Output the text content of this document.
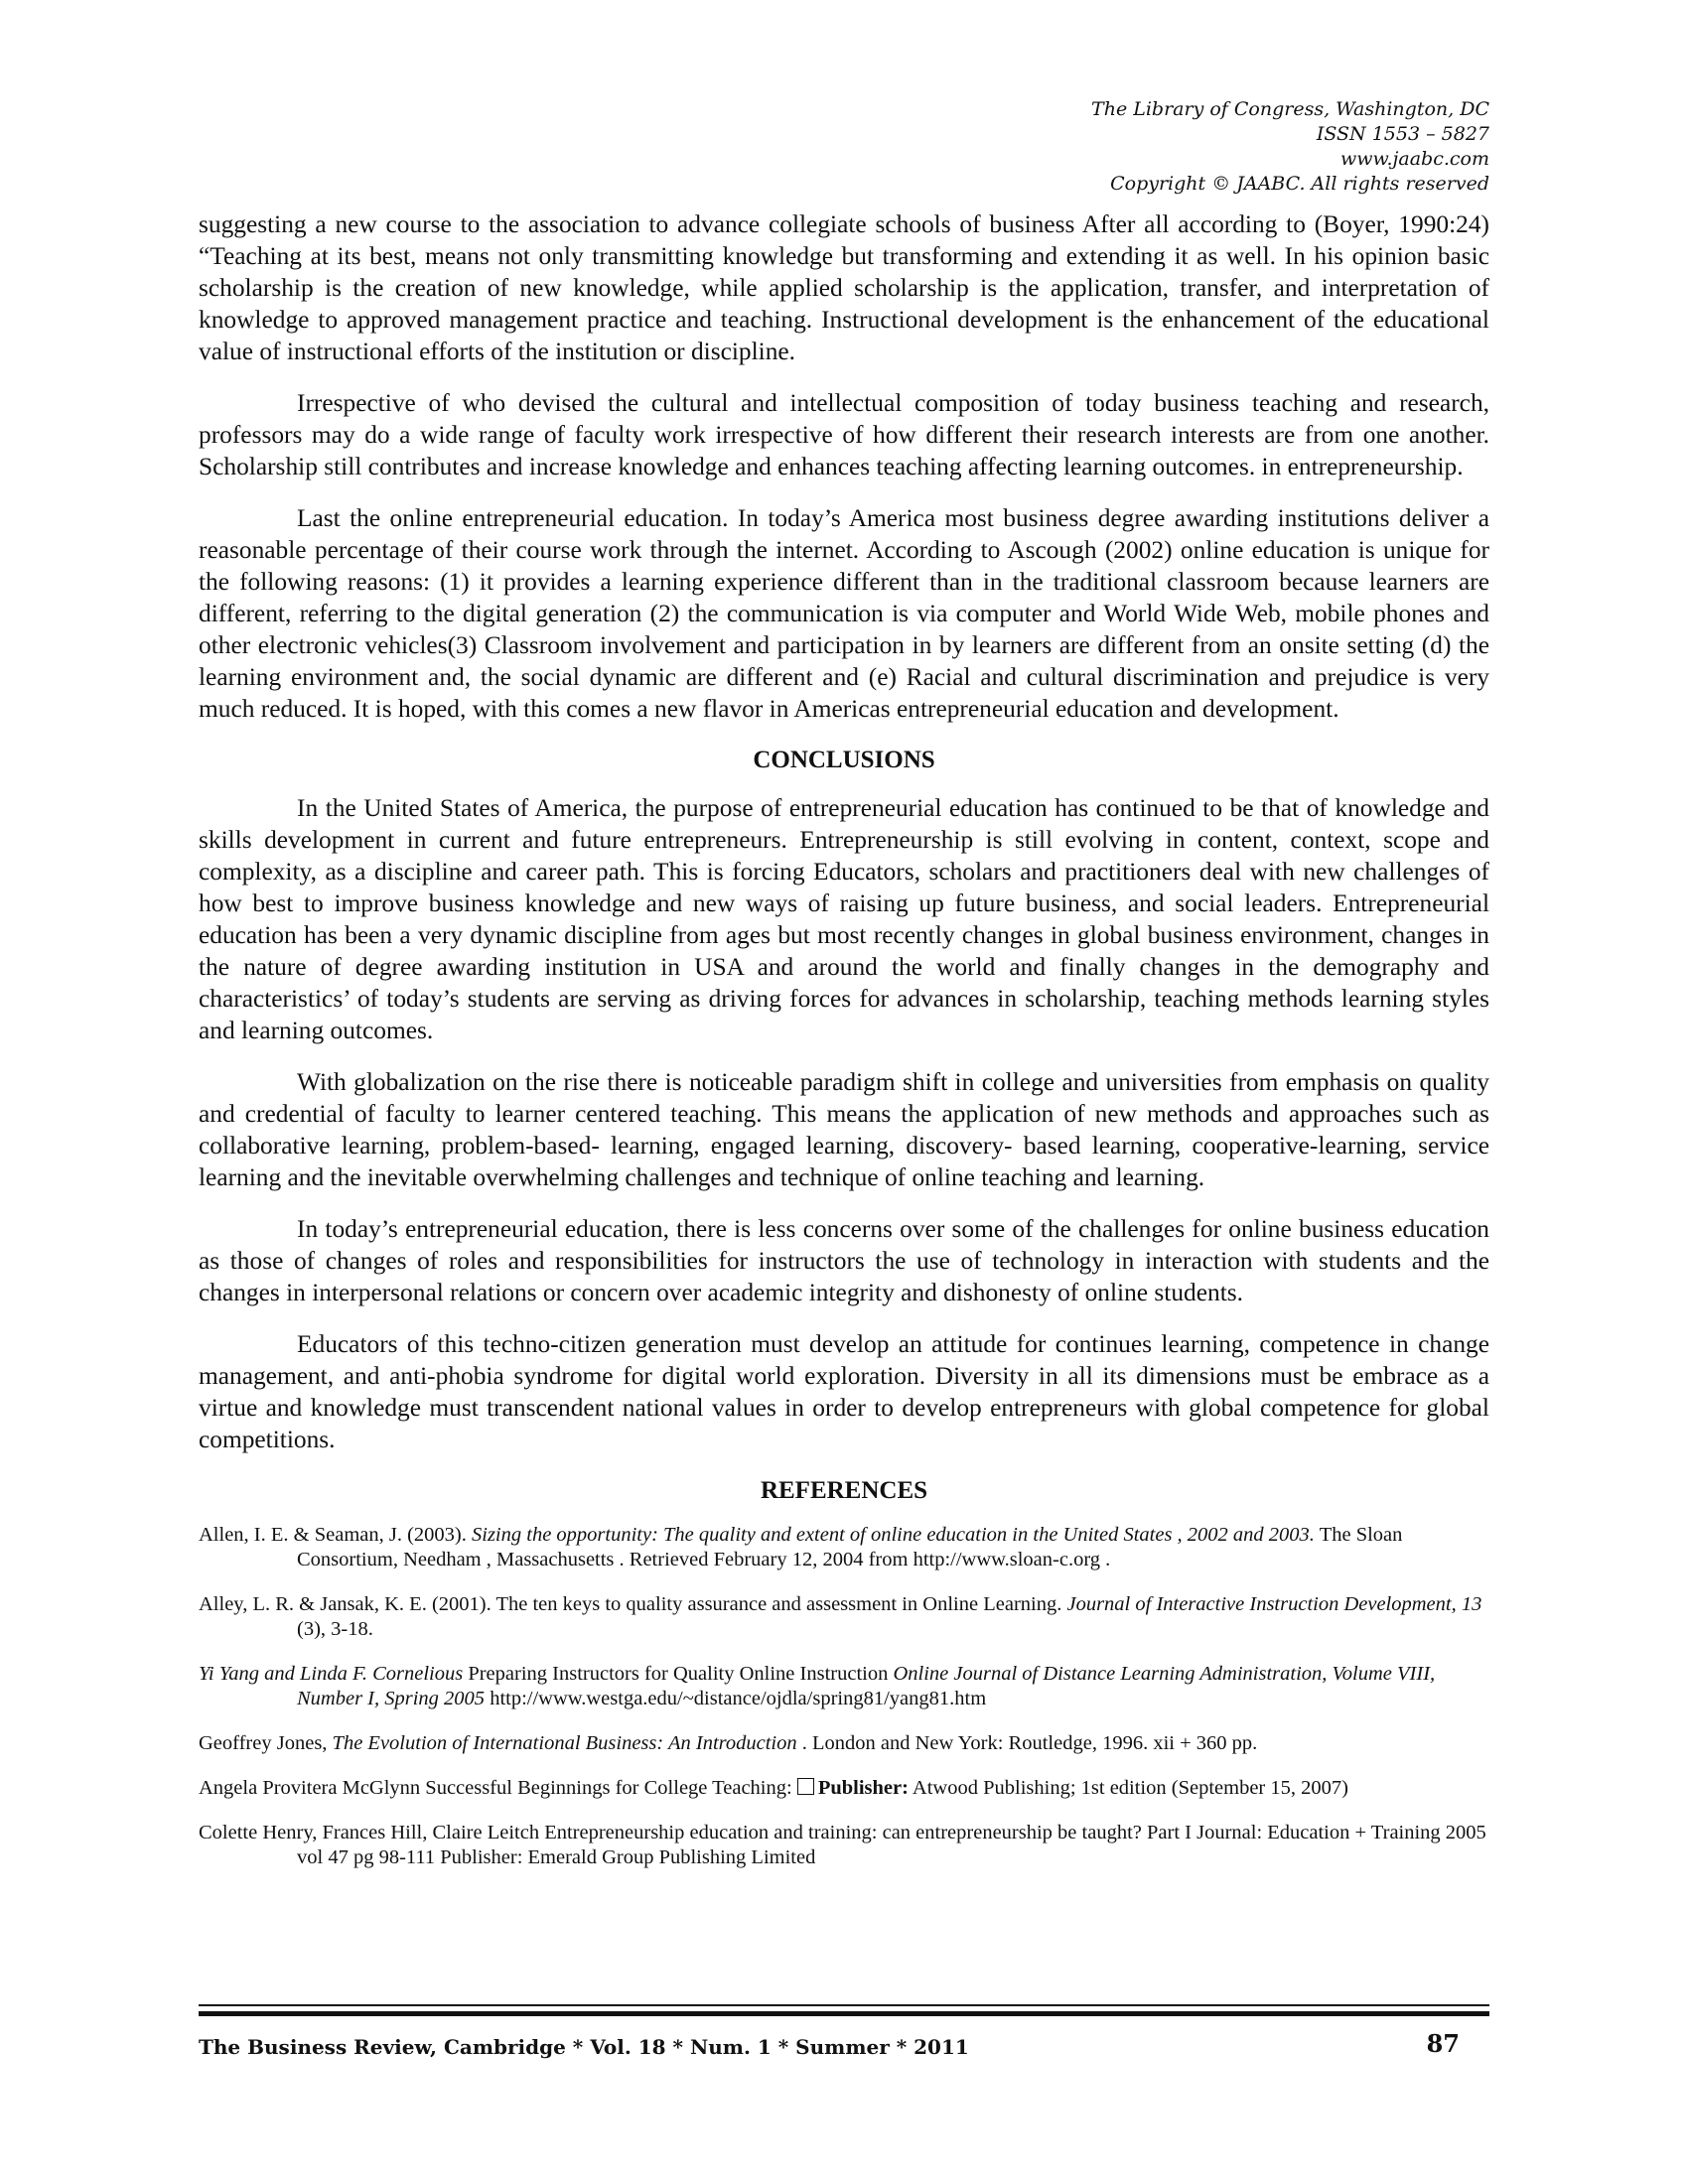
The Library of Congress, Washington, DC
ISSN 1553 – 5827
www.jaabc.com
Copyright © JAABC. All rights reserved

suggesting a new course to the association to advance collegiate schools of business After all according to (Boyer, 1990:24) “Teaching at its best, means not only transmitting knowledge but transforming and extending it as well. In his opinion basic scholarship is the creation of new knowledge, while applied scholarship is the application, transfer, and interpretation of knowledge to approved management practice and teaching. Instructional development is the enhancement of the educational value of instructional efforts of the institution or discipline.

Irrespective of who devised the cultural and intellectual composition of today business teaching and research, professors may do a wide range of faculty work irrespective of how different their research interests are from one another. Scholarship still contributes and increase knowledge and enhances teaching affecting learning outcomes. in entrepreneurship.

Last the online entrepreneurial education. In today’s America most business degree awarding institutions deliver a reasonable percentage of their course work through the internet. According to Ascough (2002) online education is unique for the following reasons: (1) it provides a learning experience different than in the traditional classroom because learners are different, referring to the digital generation (2) the communication is via computer and World Wide Web, mobile phones and other electronic vehicles(3) Classroom involvement and participation in by learners are different from an onsite setting (d) the learning environment and, the social dynamic are different and (e) Racial and cultural discrimination and prejudice is very much reduced. It is hoped, with this comes a new flavor in Americas entrepreneurial education and development.

CONCLUSIONS

In the United States of America, the purpose of entrepreneurial education has continued to be that of knowledge and skills development in current and future entrepreneurs. Entrepreneurship is still evolving in content, context, scope and complexity, as a discipline and career path. This is forcing Educators, scholars and practitioners deal with new challenges of how best to improve business knowledge and new ways of raising up future business, and social leaders. Entrepreneurial education has been a very dynamic discipline from ages but most recently changes in global business environment, changes in the nature of degree awarding institution in USA and around the world and finally changes in the demography and characteristics’ of today’s students are serving as driving forces for advances in scholarship, teaching methods learning styles and learning outcomes.

With globalization on the rise there is noticeable paradigm shift in college and universities from emphasis on quality and credential of faculty to learner centered teaching. This means the application of new methods and approaches such as collaborative learning, problem-based- learning, engaged learning, discovery- based learning, cooperative-learning, service learning and the inevitable overwhelming challenges and technique of online teaching and learning.

In today’s entrepreneurial education, there is less concerns over some of the challenges for online business education as those of changes of roles and responsibilities for instructors the use of technology in interaction with students and the changes in interpersonal relations or concern over academic integrity and dishonesty of online students.

Educators of this techno-citizen generation must develop an attitude for continues learning, competence in change management, and anti-phobia syndrome for digital world exploration. Diversity in all its dimensions must be embrace as a virtue and knowledge must transcendent national values in order to develop entrepreneurs with global competence for global competitions.

REFERENCES

Allen, I. E. & Seaman, J. (2003). Sizing the opportunity: The quality and extent of online education in the United States , 2002 and 2003. The Sloan Consortium, Needham , Massachusetts . Retrieved February 12, 2004 from http://www.sloan-c.org .

Alley, L. R. & Jansak, K. E. (2001). The ten keys to quality assurance and assessment in Online Learning. Journal of Interactive Instruction Development, 13 (3), 3-18.

Yi Yang and Linda F. Cornelious Preparing Instructors for Quality Online Instruction Online Journal of Distance Learning Administration, Volume VIII, Number I, Spring 2005 http://www.westga.edu/~distance/ojdla/spring81/yang81.htm

Geoffrey Jones, The Evolution of International Business: An Introduction . London and New York: Routledge, 1996. xii + 360 pp.

Angela Provitera McGlynn Successful Beginnings for College Teaching: Publisher: Atwood Publishing; 1st edition (September 15, 2007)

Colette Henry, Frances Hill, Claire Leitch Entrepreneurship education and training: can entrepreneurship be taught? Part I Journal: Education + Training 2005 vol 47 pg 98-111 Publisher: Emerald Group Publishing Limited

The Business Review, Cambridge * Vol. 18 * Num. 1 * Summer * 2011	87
